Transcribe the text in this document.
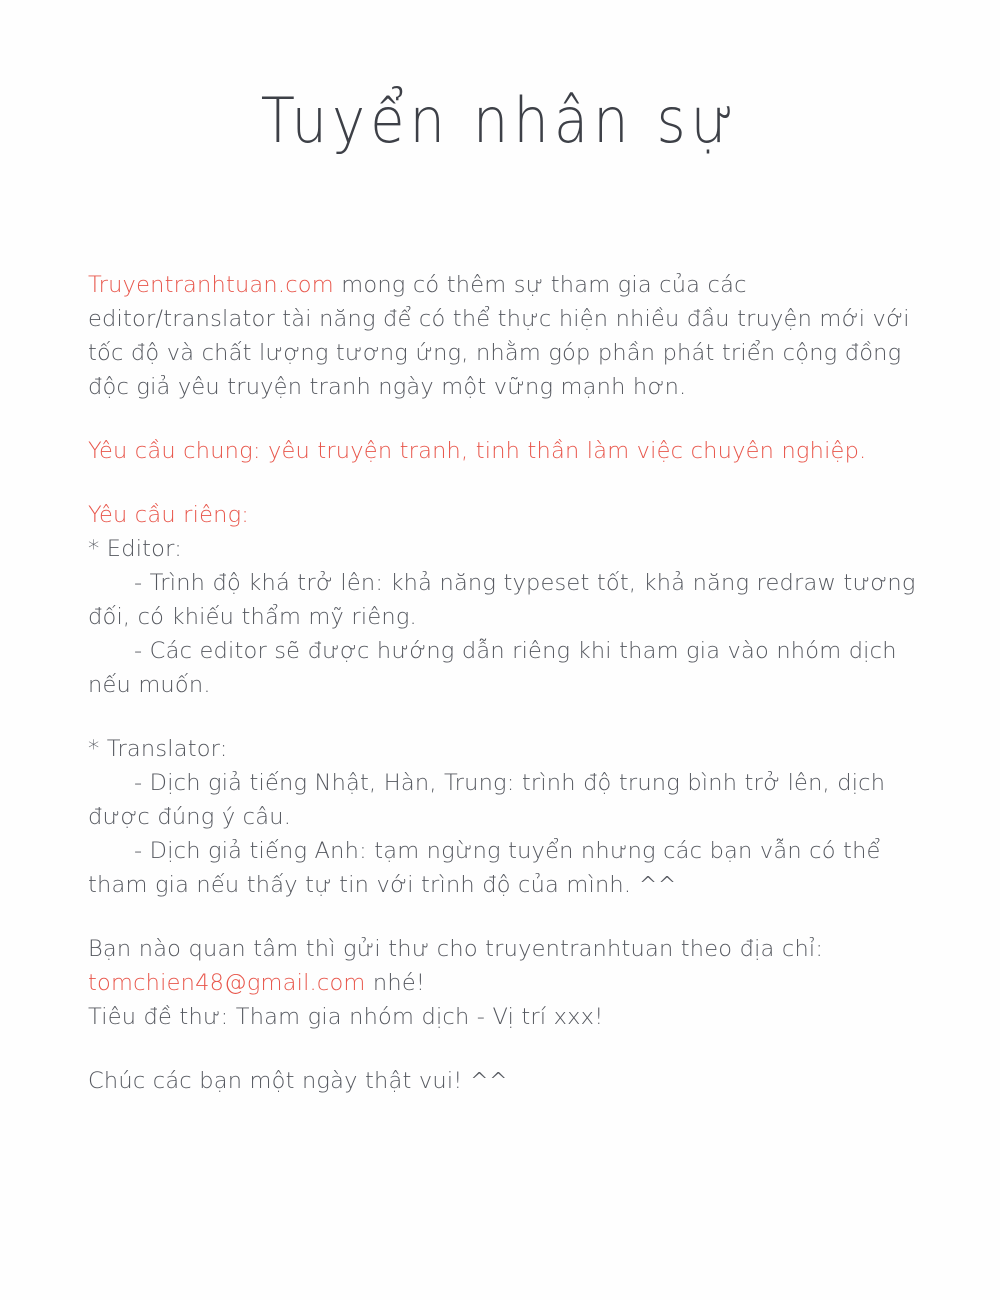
Tuyển nhân sự

Truyentranhtuan.com mong có thêm sự tham gia của các editor/translator tài năng để có thể thực hiện nhiều đầu truyện mới với tốc độ và chất lượng tương ứng, nhằm góp phần phát triển cộng đồng độc giả yêu truyện tranh ngày một vững mạnh hơn.

Yêu cầu chung: yêu truyện tranh, tinh thần làm việc chuyên nghiệp.

Yêu cầu riêng:

* Editor:

- Trình độ khá trở lên: khả năng typeset tốt, khả năng redraw tương đối, có khiếu thẩm mỹ riêng.

- Các editor sẽ được hướng dẫn riêng khi tham gia vào nhóm dịch nếu muốn.

* Translator:

- Dịch giả tiếng Nhật, Hàn, Trung: trình độ trung bình trở lên, dịch được đúng ý câu.

- Dịch giả tiếng Anh: tạm ngừng tuyển nhưng các bạn vẫn có thể tham gia nếu thấy tự tin với trình độ của mình. ^^

Bạn nào quan tâm thì gửi thư cho truyentranhtuan theo địa chỉ:

tomchien48@gmail.com nhé!

Tiêu đề thư: Tham gia nhóm dịch - Vị trí xxx!

Chúc các bạn một ngày thật vui! ^^
